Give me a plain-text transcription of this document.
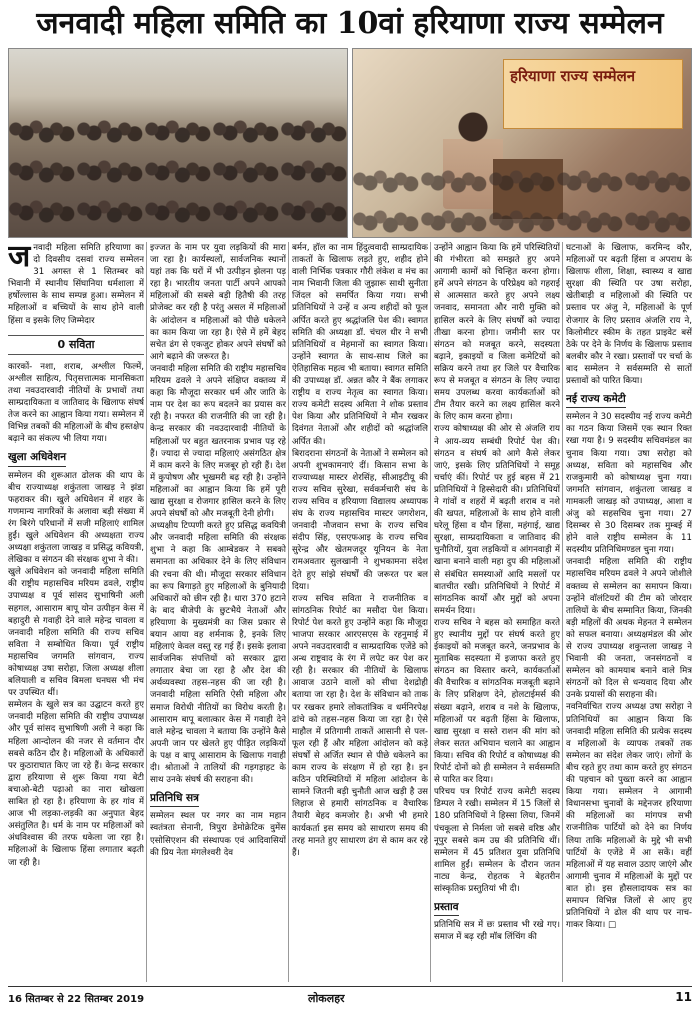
जनवादी महिला समिति का 10वां हरियाणा राज्य सम्मेलन
हरियाणा राज्य सम्मेलन

जनवादी महिला समिति हरियाणा का दो दिवसीय दसवां राज्य सम्मेलन 31 अगस्त से 1 सितम्बर को भिवानी में स्थानीय सिंघानिया धर्मशाला में हर्षोल्लास के साथ सम्पन्न हुआ। सम्मेलन में महिलाओं व बच्चियों के साथ होने वाली हिंसा व इसके लिए जिम्मेदार

0 सविता

कारकों- नशा, शराब, अश्लील फिल्में, अश्लील साहित्य, पितृसत्तात्मक मानसिकता तथा नवउदारवादी नीतियों के प्रभावों तथा साम्प्रदायिकता व जातिवाद के खिलाफ संघर्ष तेज करने का आह्वान किया गया। सम्मेलन में विभिन्न तबकों की महिलाओं के बीच हस्तक्षेप बढ़ाने का संकल्प भी लिया गया।

खुला अधिवेशन

सम्मेलन की शुरूआत ढोलक की थाप के बीच राज्याध्यक्ष शकुंतला जाखड़ ने झंडा फहराकर की। खुले अधिवेशन में शहर के गणमान्य नागरिकों के अलावा बड़ी संख्या में रंग बिरंगे परिधानों में सजी महिलाएं शामिल हुईं। खुले अधिवेशन की अध्यक्षता राज्य अध्यक्षा शकुंतला जाखड़ व प्रसिद्ध कवियत्री, लेखिका व संगठन की संरक्षक शुभा ने की।

खुले अधिवेशन को जनवादी महिला समिति की राष्ट्रीय महासचिव मरियम ढवले, राष्ट्रीय उपाध्यक्ष व पूर्व सांसद सुभाषिनी अली सहगल, आसाराम बापू योन उत्पीड़न केस में बहादुरी से गवाही देने वाले महेन्द्र चावला व जनवादी महिला समिति की राज्य सचिव सविता ने सम्बोधित किया। पूर्व राष्ट्रीय महासचिव जगमति सांगवान, राज्य कोषाध्यक्ष उषा सरोहा, जिला अध्यक्ष शीला बलियाली व सचिव बिमला घनघस भी मंच पर उपस्थित थीं।

सम्मेलन के खुले सत्र का उद्घाटन करते हुए जनवादी महिला समिति की राष्ट्रीय उपाध्यक्ष और पूर्व सांसद सुभाषिणी अली ने कहा कि महिला आन्दोलन की नजर से वर्तमान दौर सबसे कठिन दौर है। महिलाओं के अधिकारों पर कुठाराघात किए जा रहे हैं। केन्द्र सरकार द्वारा हरियाणा से शुरू किया गया बेटी बचाओ-बेटी पढ़ाओ का नारा खोखला साबित हो रहा है। हरियाणा के हर गांव में आज भी लड़का-लड़की का अनुपात बेहद असंतुलित है। धर्म के नाम पर महिलाओं को अंधविश्वास की तरफ धकेला जा रहा है। महिलाओं के खिलाफ हिंसा लगातार बढ़ती जा रही है।

इज्जत के नाम पर युवा लड़कियों की मारा जा रहा है। कार्यस्थलों, सार्वजनिक स्थानों यहां तक कि घरों में भी उत्पीड़न झेलना पड़ रहा है। भारतीय जनता पार्टी अपने आपको महिलाओं की सबसे बड़ी हितैषी की तरह प्रोजेक्ट कर रही है परंतु असल में महिलाओं के आंदोलन व महिलाओं को पीछे धकेलने का काम किया जा रहा है। ऐसे में हमें बेहद सचेत ढंग से एकजुट होकर अपने संघर्षों को आगे बढ़ाने की जरूरत है।

जनवादी महिला समिति की राष्ट्रीय महासचिव मरियम ढवले ने अपने संक्षिप्त वक्तव्य में कहा कि मौजूदा सरकार धर्म और जाति के नाम पर देश का रूप बदलने का प्रयास कर रही है। नफरत की राजनीति की जा रही है। केन्द्र सरकार की नवउदारवादी नीतियों के महिलाओं पर बहुत खतरनाक प्रभाव पड़ रहे हैं। ज्यादा से ज्यादा महिलाएं असंगठित क्षेत्र में काम करने के लिए मजबूर हो रही हैं। देश में कुपोषण और भूखमरी बढ़ रही है। उन्होंने महिलाओं का आह्वान किया कि हमें पूरी खाद्य सुरक्षा व रोजगार हासिल करने के लिए अपने संघर्षों को और मजबूती देनी होगी।

अध्यक्षीय टिप्पणी करते हुए प्रसिद्ध कवयित्री और जनवादी महिला समिति की संरक्षक शुभा ने कहा कि आम्बेडकर ने सबको समानता का अधिकार देने के लिए संविधान की रचना की थी। मौजूदा सरकार संविधान का रूप बिगाड़ते हुए महिलाओं के बुनियादी अधिकारों को छीन रही है। धारा 370 हटाने के बाद बीजेपी के छुटभैये नेताओं और हरियाणा के मुख्यमंत्री का जिस प्रकार से बयान आया वह शर्मनाक है, इनके लिए महिलाएं केवल वस्तु रह गई हैं। इसके इलावा सार्वजनिक संपत्तियों को सरकार द्वारा लगातार बेचा जा रहा है और देश की अर्थव्यवस्था तहस-नहस की जा रही है। जनवादी महिला समिति ऐसी महिला और समाज विरोधी नीतियों का विरोध करती है। आसाराम बापू बलात्कार केस में गवाही देने वाले महेन्द्र चावला ने बताया कि उन्होंने कैसे अपनी जान पर खेलते हुए पीड़ित लड़कियों के पक्ष व बापू आसाराम के खिलाफ गवाही दी। श्रोताओं ने तालियों की गड़गड़ाहट के साथ उनके संघर्ष की सराहना की।

प्रतिनिधि सत्र

सम्मेलन स्थल पर नगर का नाम महान स्वतंत्रता सेनानी, त्रिपुरा डेमोक्रेटिक वुमेंस एसोसिएशन की संस्थापक एवं आदिवासियों की प्रिय नेता मंगलेश्वरी देव

बर्मन, हॉल का नाम हिंदुत्ववादी साम्प्रदायिक ताकतों के खिलाफ लड़ते हुए, शहीद होने वाली निर्भिक पत्रकार गौरी लंकेश व मंच का नाम भिवानी जिला की जुझारू साथी सुनीता जिंदल को समर्पित किया गया। सभी प्रतिनिधियों ने उन्हें व अन्य शहीदों को फूल अर्पित करते हुए श्रद्धांजलि पेश की। स्वागत समिति की अध्यक्षा डॉ. चंचल धीर ने सभी प्रतिनिधियों व मेहमानों का स्वागत किया। उन्होंने स्वागत के साथ-साथ जिले का ऐतिहासिक महत्व भी बताया। स्वागत समिति की उपाध्यक्ष डॉ. अन्नत कौर ने बैंक लगाकर राष्ट्रीय व राज्य नेतृत्व का स्वागत किया। राज्य कमेटी सदस्य अमिता ने शोक प्रस्ताव पेश किया और प्रतिनिधियों ने मौन रखकर दिवंगत नेताओं और शहीदों को श्रद्धांजलि अर्पित की।

बिरादराना संगठनों के नेताओं ने सम्मेलन को अपनी शुभकामनाएं दीं। किसान सभा के राज्याध्यक्ष मास्टर शेरसिंह, सीआइटीयू की राज्य सचिव सुरेखा, सर्वकर्मचारी संघ के राज्य सचिव व हरियाणा विद्यालय अध्यापक संघ के राज्य महासचिव मास्टर जगरोशन, जनवादी नौजवान सभा के राज्य सचिव संदीप सिंह, एसएफआइ के राज्य सचिव सुरेन्द्र और खेतमजदूर यूनियन के नेता रामअवतार सुलखानी ने शुभकामना संदेश देते हुए सांझे संघर्षों की जरूरत पर बल दिया।

राज्य सचिव सविता ने राजनीतिक व सांगठनिक रिपोर्ट का मसौदा पेश किया। रिपोर्ट पेश करते हुए उन्होंने कहा कि मौजूदा भाजपा सरकार आरएसएस के रहनुमाई में अपने नवउदारवादी व साम्प्रदायिक एजेंडे को अन्ध राष्ट्रवाद के रंग में लपेट कर पेश कर रही है। सरकार की नीतियों के खिलाफ आवाज उठाने वालों को सीधा देशद्रोही बताया जा रहा है। देश के संविधान को ताक पर रखकर हमारे लोकतांत्रिक व धर्मनिरपेक्ष ढांचे को तहस-नहस किया जा रहा है। ऐसे माहौल में प्रतिगामी ताकतें आसानी से पल-फूल रही हैं और महिला आंदोलन को कड़े संघर्षों से अर्जित स्थान से पीछे धकेलने का काम राज्य के संरक्षण में हो रहा है। इन कठिन परिस्थितियों में महिला आंदोलन के सामने जितनी बड़ी चुनौती आज खड़ी है उस लिहाज से हमारी सांगठनिक व वैचारिक तैयारी बेहद कमजोर है। अभी भी हमारे कार्यकर्ता इस समय को साधारण समय की तरह मानते हुए साधारण ढंग से काम कर रहे हैं।

उन्होंने आह्वान किया कि हमें परिस्थितियों की गंभीरता को समझते हुए अपने आगामी कामों को चिन्हित करना होगा। हमें अपने संगठन के परिप्रेक्ष्य को गहराई से आत्मसात करते हुए अपने लक्ष्य जनवाद, समानता और नारी मुक्ति को हासिल करने के लिए संघर्षों को ज्यादा तीखा करना होगा। जमीनी स्तर पर संगठन को मजबूत करने, सदस्यता बढ़ाने, इकाइयों व जिला कमेटियों को सक्रिय करने तथा हर जिले पर वैचारिक रूप से मजबूत व संगठन के लिए ज्यादा समय उपलब्ध करवा कार्यकर्ताओं को टीम तैयार करने का लक्ष्य हासिल करने के लिए काम करना होगा।

राज्य कोषाध्यक्ष की ओर से अंजलि राय ने आय-व्यय सम्बंधी रिपोर्ट पेश की। संगठन व संघर्ष को आगे कैसे लेकर जाएं, इसके लिए प्रतिनिधियों ने समूह चर्चाएं कीं। रिपोर्ट पर हुई बहस में 21 प्रतिनिधियों ने हिस्सेदारी की। प्रतिनिधियों ने गांवों व शहरों में बढ़ती शराब व नशे की खपत, महिलाओं के साथ होने वाली घरेलू हिंसा व यौन हिंसा, महंगाई, खाद्य सुरक्षा, साम्प्रदायिकता व जातिवाद की चुनौतियों, युवा लड़कियों व आंगनवाड़ी में खाना बनाने वाली महा दुप की महिलाओं से संबंधित समस्याओं आदि मसलों पर बातचीत रखी। प्रतिनिधियों ने रिपोर्ट में सांगठनिक कार्यों और मुद्दों को अपना समर्थन दिया।

राज्य सचिव ने बहस को समाहित करते हुए स्थानीय मुद्दों पर संघर्ष करते हुए ईकाइयों को मजबूत करने, जनप्रभाव के मुताबिक सदस्यता में इजाफा करते हुए संगठन का विस्तार करने, कार्यकर्ताओं की वैचारिक व सांगठनिक मजबूती बढ़ाने के लिए प्रशिक्षण देने, होलटाईमर्स की संख्या बढ़ाने, शराब व नशे के खिलाफ, महिलाओं पर बढ़ती हिंसा के खिलाफ, खाद्य सुरक्षा व सस्ते राशन की मांग को लेकर सतत अभियान चलाने का आह्वान किया। सचिव की रिपोर्ट व कोषाध्यक्ष की रिपोर्ट दोनों को ही सम्मेलन ने सर्वसम्मति से पारित कर दिया।

परिचय पत्र रिपोर्ट राज्य कमेटी सदस्य डिम्पल ने रखी। सम्मेलन में 15 जिलों से 180 प्रतिनिधियों ने हिस्सा लिया, जिनमें पंचकूला से निर्मला जो सबसे वरिष्ठ और नूपुर सबसे कम उम्र की प्रतिनिधि थीं। सम्मेलन में 45 प्रतिशत युवा प्रतिनिधि शामिल हुईं। सम्मेलन के दौरान जतन नाट्य केन्द्र, रोहतक ने बेहतरीन सांस्कृतिक प्रस्तुतियां भी दी।

प्रस्ताव

प्रतिनिधि सत्र में छः प्रस्ताव भी रखे गए। समाज में बढ़ रही मॉब लिंचिंग की

घटनाओं के खिलाफ, करमिन्द कौर, महिलाओं पर बढ़ती हिंसा व अपराध के खिलाफ शीला, शिक्षा, स्वास्थ्य व खाद्य सुरक्षा की स्थिति पर उषा सरोहा, खेतीबाड़ी व महिलाओं की स्थिति पर प्रस्ताव पर अंजु ने, महिलाओं के पूर्ण रोजगार के लिए प्रस्ताव अंजलि राय ने, किलोमीटर स्कीम के तहत प्राइवेट बसें ठेके पर देने के निर्णय के खिलाफ प्रस्ताव बलबीर कौर ने रखा। प्रस्तावों पर चर्चा के बाद सम्मेलन ने सर्वसम्मति से सातों प्रस्तावों को पारित किया।

नई राज्य कमेटी

सम्मेलन ने 30 सदस्यीय नई राज्य कमेटी का गठन किया जिसमें एक स्थान रिक्त रखा गया है। 9 सदस्यीय सचिवमंडल का चुनाव किया गया। उषा सरोहा को अध्यक्ष, सविता को महासचिव और राजकुमारी को कोषाध्यक्ष चुना गया। जगमति सांगवान, शकुंतला जाखड़ व गामकली जाखड़ को उपाध्यक्ष, आशा व अंजु को सहसचिव चुना गया। 27 दिसम्बर से 30 दिसम्बर तक मुम्बई में होने वाले राष्ट्रीय सम्मेलन के 11 सदस्यीय प्रतिनिधिमण्डल चुना गया।

जनवादी महिला समिति की राष्ट्रीय महासचिव मरियम ढवले ने अपने जोशीले वक्तव्य से सम्मेलन का समापन किया। उन्होंने वॉलंटियरों की टीम को जोरदार तालियों के बीच सम्मानित किया, जिनकी बड़ी महिलों की अथक मेहनत ने सम्मेलन को सफल बनाया। अध्यक्षमंडल की ओर से राज्य उपाध्यक्ष शकुन्तला जाखड़ ने भिवानी की जनता, जनसंगठनों व सम्मेलन को कामयाब बनाने वाले मित्र संगठनों को दिल से धन्यवाद दिया और उनके प्रयासों की सराहना की।

नवनिर्वाचित राज्य अध्यक्ष उषा सरोहा ने प्रतिनिधियों का आह्वान किया कि जनवादी महिला समिति की प्रत्येक सदस्य व महिलाओं के व्यापक तबकों तक सम्मेलन का संदेश लेकर जाएं। लोगों के बीच रहते हुए तथा काम करते हुए संगठन की पहचान को पुख्ता करने का आह्वान किया गया। सम्मेलन ने आगामी विधानसभा चुनावों के मद्देनजर हरियाणा की महिलाओं का मांगपत्र सभी राजनीतिक पार्टियों को देने का निर्णय लिया ताकि महिलाओं के मुद्दे भी सभी पार्टियों के एजेंडे में आ सकें। वहीं महिलाओं में यह सवाल उठाए जाएंगे और आगामी चुनाव में महिलाओं के मुद्दों पर बात हो। इस हौसलादायक सत्र का समापन विभिन्न जिलों से आए हुए प्रतिनिधियों ने ढोल की थाप पर नाच-गाकर किया। □

16 सितम्बर से 22 सितम्बर 2019	लोकलहर	11
